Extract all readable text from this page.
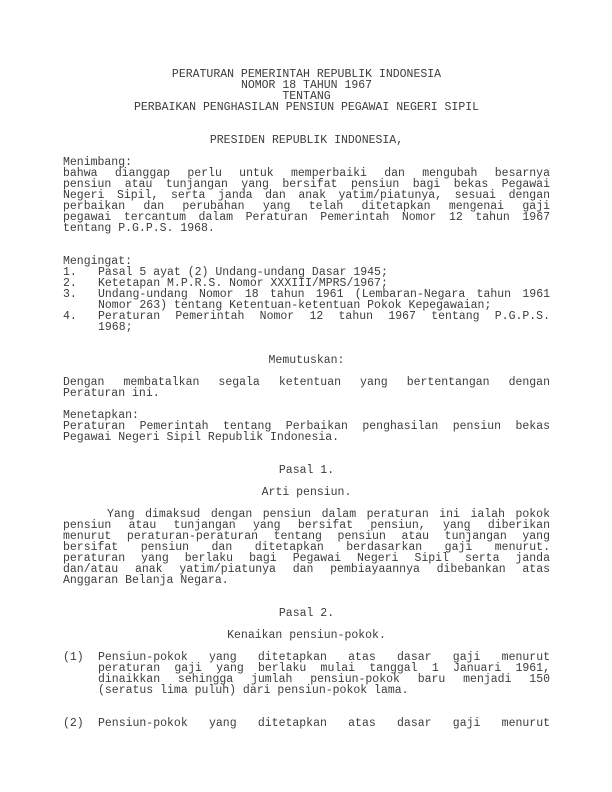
PERATURAN PEMERINTAH REPUBLIK INDONESIA
NOMOR 18 TAHUN 1967
TENTANG
PERBAIKAN PENGHASILAN PENSIUN PEGAWAI NEGERI SIPIL
PRESIDEN REPUBLIK INDONESIA,
Menimbang:
bahwa dianggap perlu untuk memperbaiki dan mengubah besarnya
pensiun atau tunjangan yang bersifat pensiun bagi bekas Pegawai
Negeri Sipil, serta janda dan anak yatim/piatunya, sesuai dengan
perbaikan dan perubahan yang telah ditetapkan mengenai gaji
pegawai tercantum dalam Peraturan Pemerintah Nomor 12 tahun 1967
tentang P.G.P.S. 1968.
Mengingat:
1. Pasal 5 ayat (2) Undang-undang Dasar 1945;
2. Ketetapan M.P.R.S. Nomor XXXIII/MPRS/1967;
3. Undang-undang Nomor 18 tahun 1961 (Lembaran-Negara tahun 1961
Nomor 263) tentang Ketentuan-ketentuan Pokok Kepegawaian;
4. Peraturan Pemerintah Nomor 12 tahun 1967 tentang P.G.P.S.
1968;
Memutuskan:
Dengan membatalkan segala ketentuan yang bertentangan dengan
Peraturan ini.
Menetapkan:
Peraturan Pemerintah tentang Perbaikan penghasilan pensiun bekas
Pegawai Negeri Sipil Republik Indonesia.
Pasal 1.
Arti pensiun.
Yang dimaksud dengan pensiun dalam peraturan ini ialah pokok
pensiun atau tunjangan yang bersifat pensiun, yang diberikan
menurut peraturan-peraturan tentang pensiun atau tunjangan yang
bersifat pensiun dan ditetapkan berdasarkan gaji menurut.
peraturan yang berlaku bagi Pegawai Negeri Sipil serta janda
dan/atau anak yatim/piatunya dan pembiayaannya dibebankan atas
Anggaran Belanja Negara.
Pasal 2.
Kenaikan pensiun-pokok.
(1) Pensiun-pokok yang ditetapkan atas dasar gaji menurut
peraturan gaji yang berlaku mulai tanggal 1 Januari 1961,
dinaikkan sehingga jumlah pensiun-pokok baru menjadi 150
(seratus lima puluh) dari pensiun-pokok lama.
(2) Pensiun-pokok yang ditetapkan atas dasar gaji menurut
